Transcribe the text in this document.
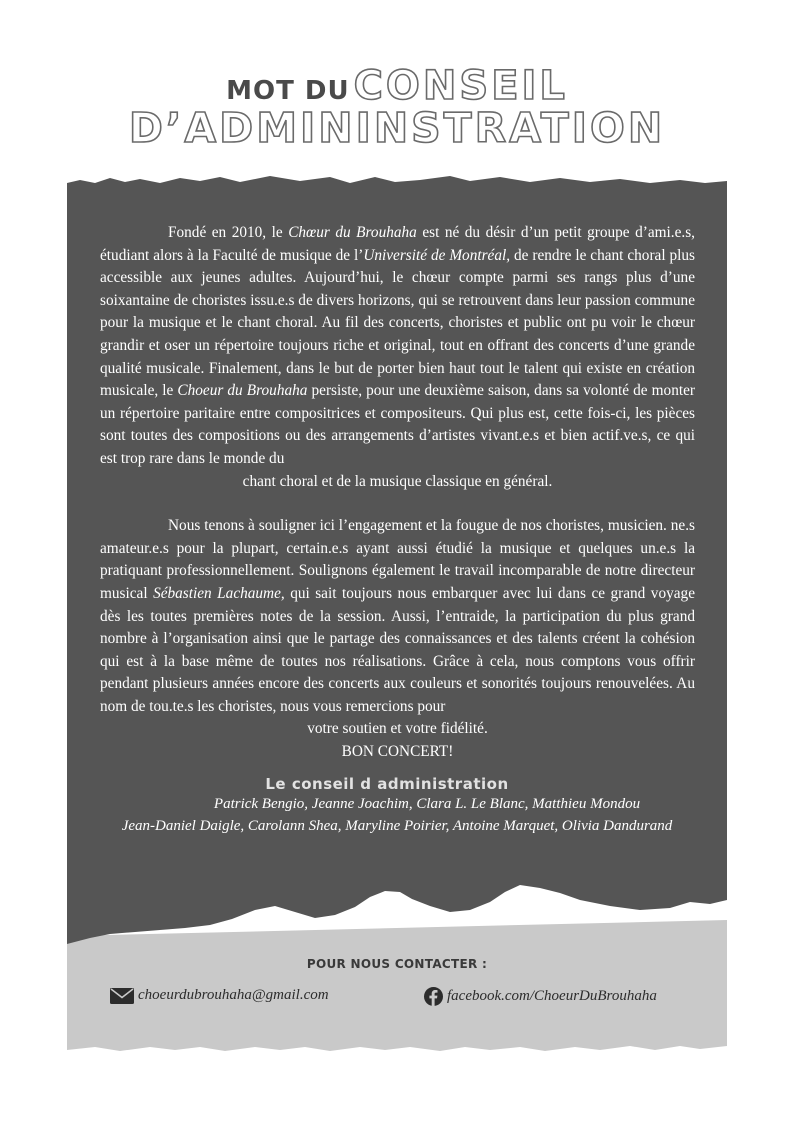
MOT DU CONSEIL
D’ADMININSTRATION

Fondé en 2010, le Chœur du Brouhaha est né du désir d’un petit groupe d’ami.e.s, étudiant alors à la Faculté de musique de l’Université de Montréal, de rendre le chant choral plus accessible aux jeunes adultes. Aujourd’hui, le chœur compte parmi ses rangs plus d’une soixantaine de choristes issu.e.s de divers horizons, qui se retrouvent dans leur passion commune pour la musique et le chant choral. Au fil des concerts, choristes et public ont pu voir le chœur grandir et oser un répertoire toujours riche et original, tout en offrant des concerts d’une grande qualité musicale. Finalement, dans le but de porter bien haut tout le talent qui existe en création musicale, le Choeur du Brouhaha persiste, pour une deuxième saison, dans sa volonté de monter un répertoire paritaire entre compositrices et compositeurs. Qui plus est, cette fois-ci, les pièces sont toutes des compositions ou des arrangements d’artistes vivant.e.s et bien actif.ve.s, ce qui est trop rare dans le monde du
chant choral et de la musique classique en général.

Nous tenons à souligner ici l’engagement et la fougue de nos choristes, musicien. ne.s amateur.e.s pour la plupart, certain.e.s ayant aussi étudié la musique et quelques un.e.s la pratiquant professionnellement. Soulignons également le travail incomparable de notre directeur musical Sébastien Lachaume, qui sait toujours nous embarquer avec lui dans ce grand voyage dès les toutes premières notes de la session. Aussi, l’entraide, la participation du plus grand nombre à l’organisation ainsi que le partage des connaissances et des talents créent la cohésion qui est à la base même de toutes nos réalisations. Grâce à cela, nous comptons vous offrir pendant plusieurs années encore des concerts aux couleurs et sonorités toujours renouvelées. Au nom de tou.te.s les choristes, nous vous remercions pour
votre soutien et votre fidélité.
BON CONCERT!

Le conseil d administration
Patrick Bengio, Jeanne Joachim, Clara L. Le Blanc, Matthieu Mondou
Jean-Daniel Daigle, Carolann Shea, Maryline Poirier, Antoine Marquet, Olivia Dandurand
POUR NOUS CONTACTER :
choeurdubrouhaha@gmail.com	facebook.com/ChoeurDuBrouhaha
